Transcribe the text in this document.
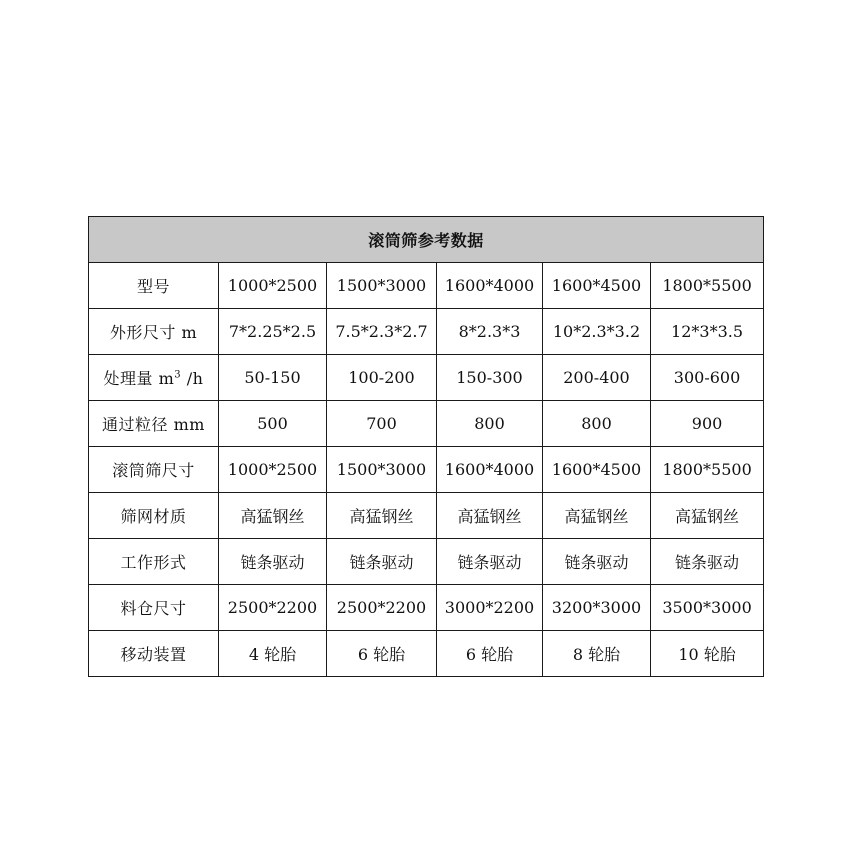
滚筒筛参考数据					
型号	1000*2500	1500*3000	1600*4000	1600*4500	1800*5500
外形尺寸 m	7*2.25*2.5	7.5*2.3*2.7	8*2.3*3	10*2.3*3.2	12*3*3.5
处理量 $m^3$ /h	50-150	100-200	150-300	200-400	300-600
通过粒径 mm	500	700	800	800	900
滚筒筛尺寸	1000*2500	1500*3000	1600*4000	1600*4500	1800*5500
筛网材质	高猛钢丝	高猛钢丝	高猛钢丝	高猛钢丝	高猛钢丝
工作形式	链条驱动	链条驱动	链条驱动	链条驱动	链条驱动
料仓尺寸	2500*2200	2500*2200	3000*2200	3200*3000	3500*3000
移动装置	4 轮胎	6 轮胎	6 轮胎	8 轮胎	10 轮胎
